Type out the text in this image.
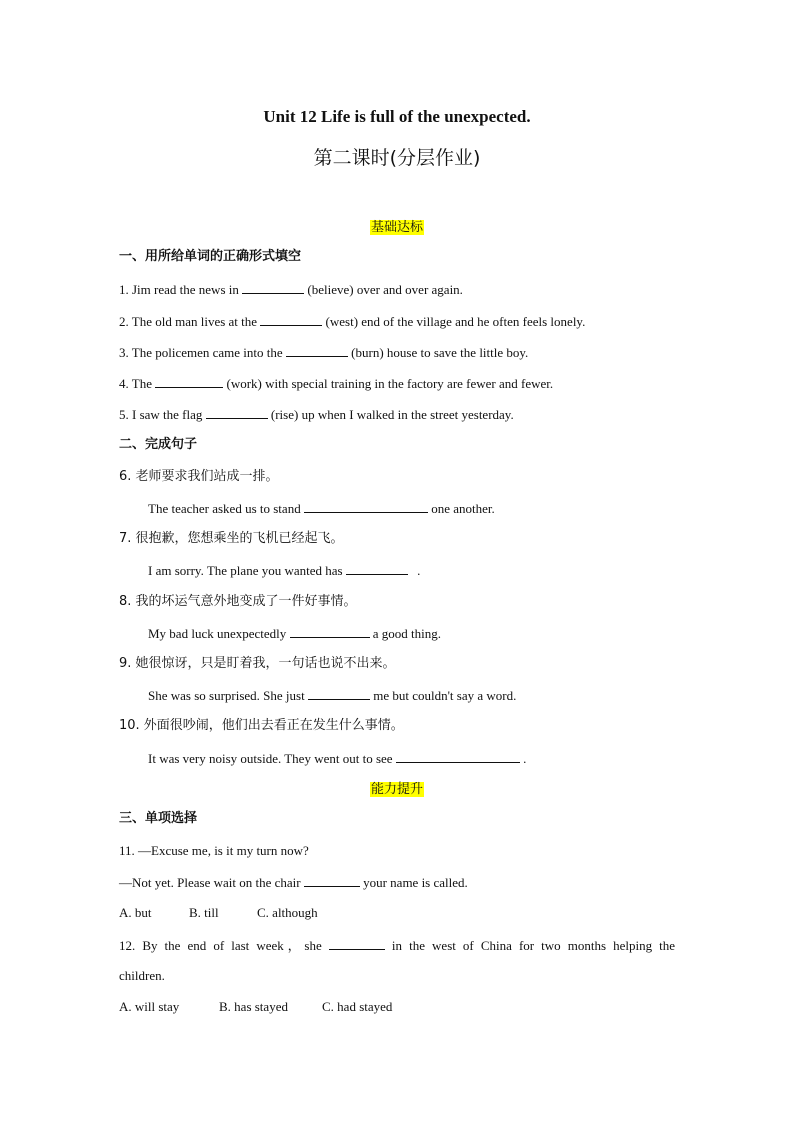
Unit 12 Life is full of the unexpected.
第二课时(分层作业)
基础达标
一、用所给单词的正确形式填空
1. Jim read the news in	(believe) over and over again.
2. The old man lives at the	(west) end of the village and he often feels lonely.
3. The policemen came into the	(burn) house to save the little boy.
4. The	(work) with special training in the factory are fewer and fewer.
5. I saw the flag	(rise) up when I walked in the street yesterday.
二、完成句子
6. 老师要求我们站成一排。
The teacher asked us to stand	one another.
7. 很抱歉，您想乘坐的飞机已经起飞。
I am sorry. The plane you wanted has	.
8. 我的坏运气意外地变成了一件好事情。
My bad luck unexpectedly	a good thing.
9. 她很惊讶，只是盯着我，一句话也说不出来。
She was so surprised. She just	me but couldn't say a word.
10. 外面很吵闹，他们出去看正在发生什么事情。
It was very noisy outside. They went out to see	.
能力提升
三、单项选择
11. —Excuse me, is it my turn now?
—Not yet. Please wait on the chair	your name is called.
A. but	B. till	C. although
12. By the end of last week，she	in the west of China for two months helping the
children.
A. will stay	B. has stayed	C. had stayed
